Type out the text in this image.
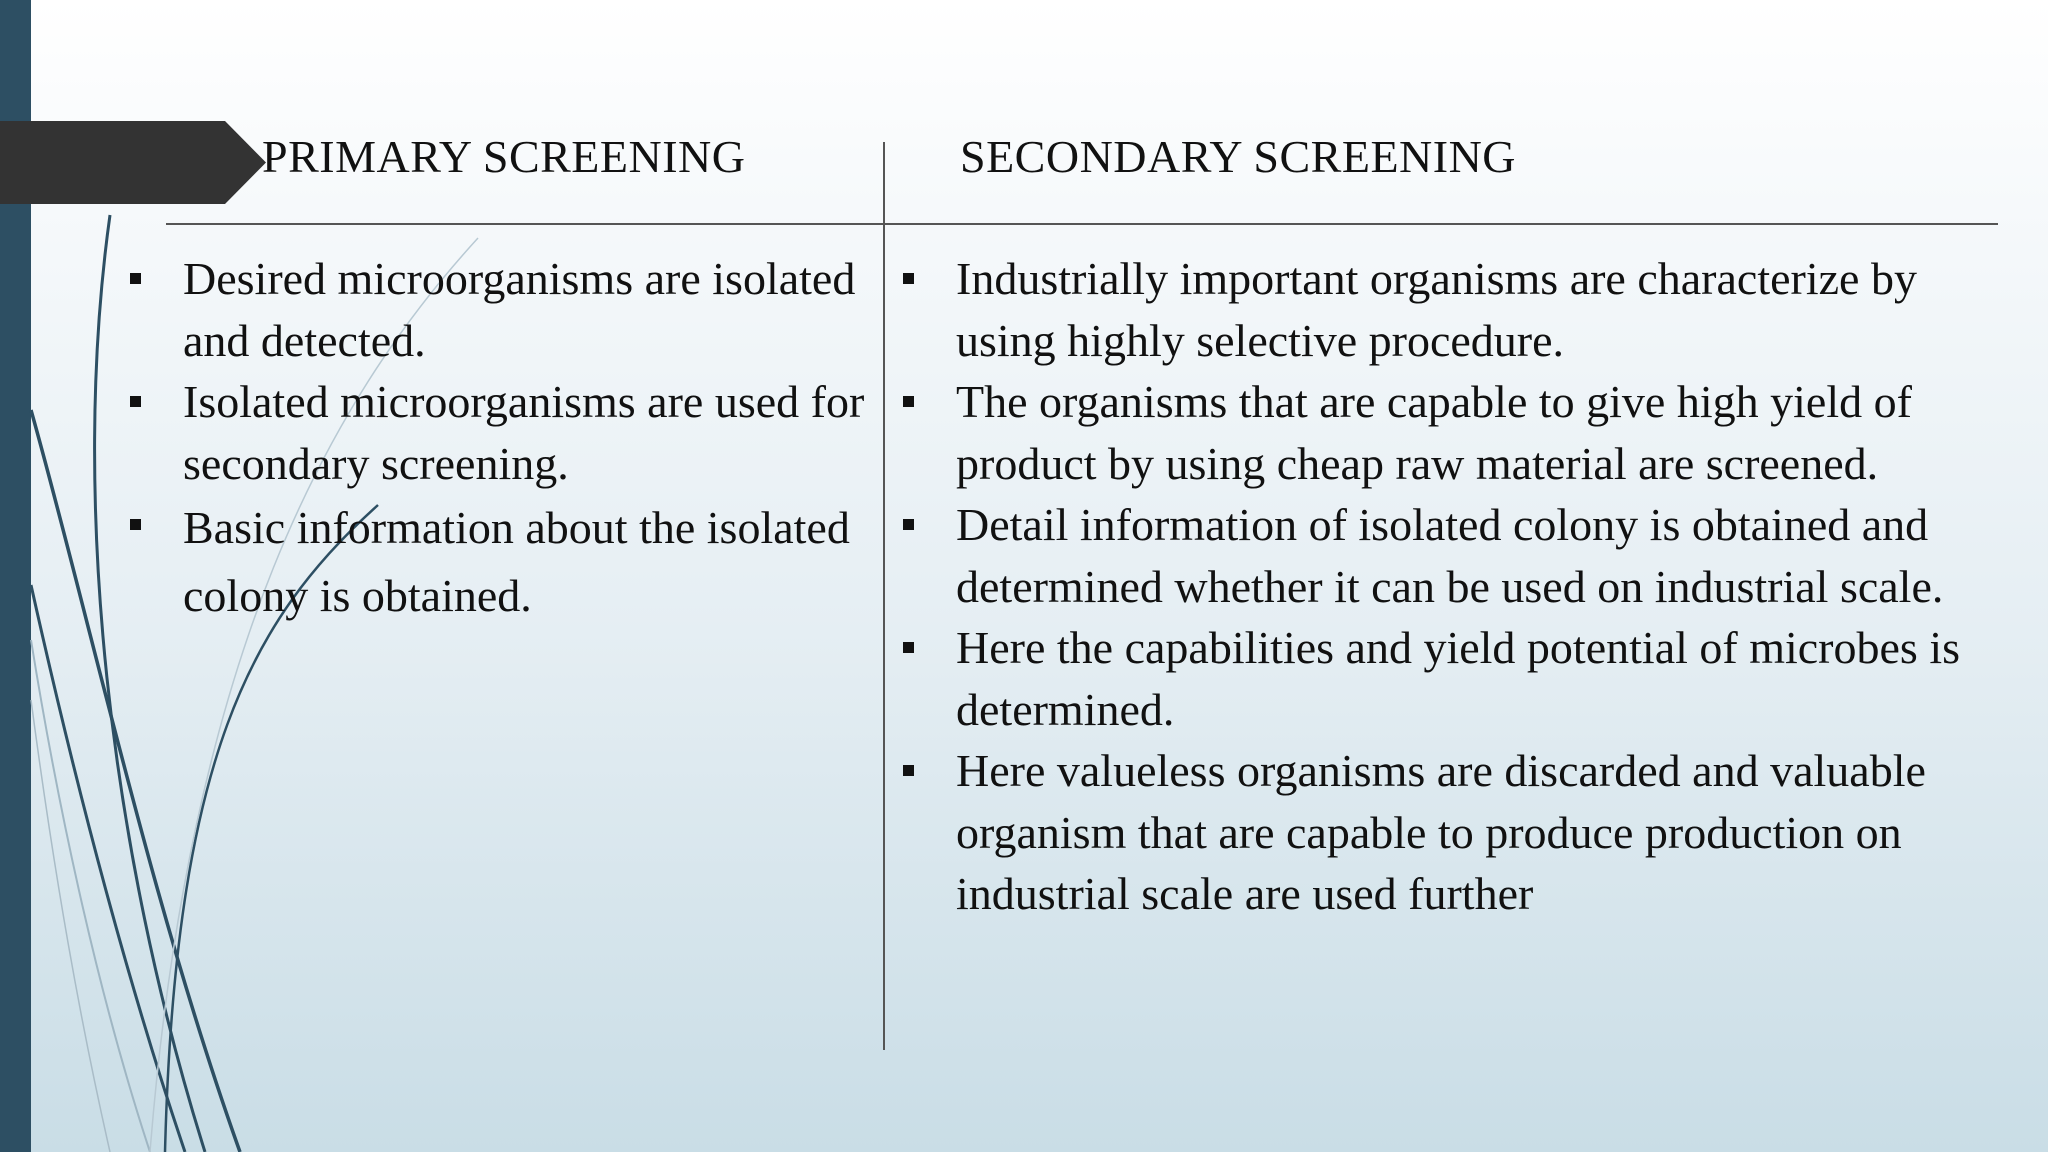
PRIMARY SCREENING	SECONDARY SCREENING
Desired microorganisms are isolated and detected.
Isolated microorganisms are used for secondary screening.
Basic information about the isolated colony is obtained.
Industrially important organisms are characterize by using highly selective procedure.
The organisms that are capable to give high yield of product by using cheap raw material are screened.
Detail information of isolated colony is obtained and determined whether it can be used on industrial scale.
Here the capabilities and yield potential of microbes is determined.
Here valueless organisms are discarded and valuable organism that are capable to produce production on industrial scale are used further
